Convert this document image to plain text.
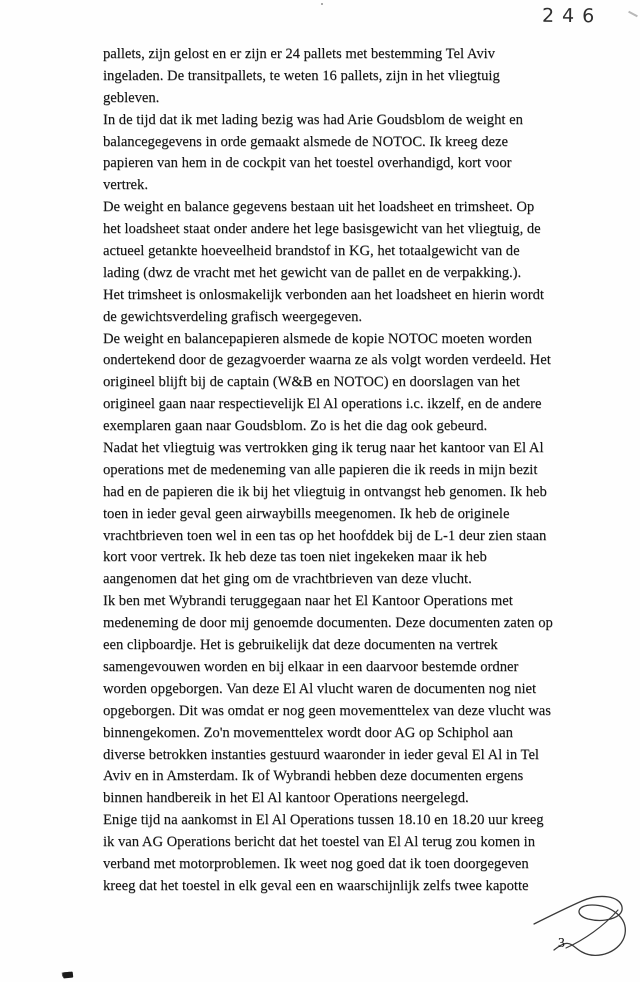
246
pallets, zijn gelost en er zijn er 24 pallets met bestemming Tel Aviv
ingeladen. De transitpallets, te weten 16 pallets, zijn in het vliegtuig
gebleven.
In de tijd dat ik met lading bezig was had Arie Goudsblom de weight en
balancegegevens in orde gemaakt alsmede de NOTOC. Ik kreeg deze
papieren van hem in de cockpit van het toestel overhandigd, kort voor
vertrek.
De weight en balance gegevens bestaan uit het loadsheet en trimsheet. Op
het loadsheet staat onder andere het lege basisgewicht van het vliegtuig, de
actueel getankte hoeveelheid brandstof in KG, het totaalgewicht van de
lading (dwz de vracht met het gewicht van de pallet en de verpakking.).
Het trimsheet is onlosmakelijk verbonden aan het loadsheet en hierin wordt
de gewichtsverdeling grafisch weergegeven.
De weight en balancepapieren alsmede de kopie NOTOC moeten worden
ondertekend door de gezagvoerder waarna ze als volgt worden verdeeld. Het
origineel blijft bij de captain (W&B en NOTOC) en doorslagen van het
origineel gaan naar respectievelijk El Al operations i.c. ikzelf, en de andere
exemplaren gaan naar Goudsblom. Zo is het die dag ook gebeurd.
Nadat het vliegtuig was vertrokken ging ik terug naar het kantoor van El Al
operations met de medeneming van alle papieren die ik reeds in mijn bezit
had en de papieren die ik bij het vliegtuig in ontvangst heb genomen. Ik heb
toen in ieder geval geen airwaybills meegenomen. Ik heb de originele
vrachtbrieven toen wel in een tas op het hoofddek bij de L-1 deur zien staan
kort voor vertrek. Ik heb deze tas toen niet ingekeken maar ik heb
aangenomen dat het ging om de vrachtbrieven van deze vlucht.
Ik ben met Wybrandi teruggegaan naar het El Kantoor Operations met
medeneming de door mij genoemde documenten. Deze documenten zaten op
een clipboardje. Het is gebruikelijk dat deze documenten na vertrek
samengevouwen worden en bij elkaar in een daarvoor bestemde ordner
worden opgeborgen. Van deze El Al vlucht waren de documenten nog niet
opgeborgen. Dit was omdat er nog geen movementtelex van deze vlucht was
binnengekomen. Zo'n movementtelex wordt door AG op Schiphol aan
diverse betrokken instanties gestuurd waaronder in ieder geval El Al in Tel
Aviv en in Amsterdam. Ik of Wybrandi hebben deze documenten ergens
binnen handbereik in het El Al kantoor Operations neergelegd.
Enige tijd na aankomst in El Al Operations tussen 18.10 en 18.20 uur kreeg
ik van AG Operations bericht dat het toestel van El Al terug zou komen in
verband met motorproblemen. Ik weet nog goed dat ik toen doorgegeven
kreeg dat het toestel in elk geval een en waarschijnlijk zelfs twee kapotte
3
